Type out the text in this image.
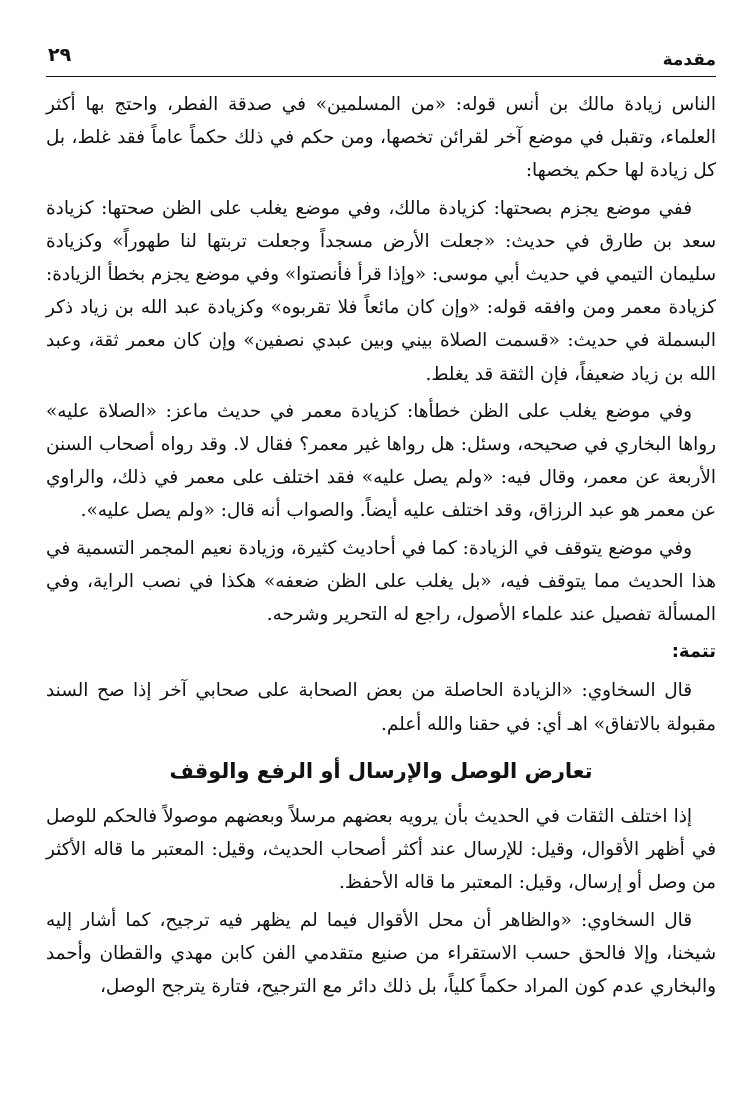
مقدمة
٢٩

الناس زيادة مالك بن أنس قوله: «من المسلمين» في صدقة الفطر، واحتج بها أكثر العلماء، وتقبل في موضع آخر لقرائن تخصها، ومن حكم في ذلك حكماً عاماً فقد غلط، بل كل زيادة لها حكم يخصها:

ففي موضع يجزم بصحتها: كزيادة مالك، وفي موضع يغلب على الظن صحتها: كزيادة سعد بن طارق في حديث: «جعلت الأرض مسجداً وجعلت تربتها لنا طهوراً» وكزيادة سليمان التيمي في حديث أبي موسى: «وإذا قرأ فأنصتوا» وفي موضع يجزم بخطأ الزيادة: كزيادة معمر ومن وافقه قوله: «وإن كان مائعاً فلا تقربوه» وكزيادة عبد الله بن زياد ذكر البسملة في حديث: «قسمت الصلاة بيني وبين عبدي نصفين» وإن كان معمر ثقة، وعبد الله بن زياد ضعيفاً، فإن الثقة قد يغلط.

وفي موضع يغلب على الظن خطأها: كزيادة معمر في حديث ماعز: «الصلاة عليه» رواها البخاري في صحيحه، وسئل: هل رواها غير معمر؟ فقال لا. وقد رواه أصحاب السنن الأربعة عن معمر، وقال فيه: «ولم يصل عليه» فقد اختلف على معمر في ذلك، والراوي عن معمر هو عبد الرزاق، وقد اختلف عليه أيضاً. والصواب أنه قال: «ولم يصل عليه».

وفي موضع يتوقف في الزيادة: كما في أحاديث كثيرة، وزيادة نعيم المجمر التسمية في هذا الحديث مما يتوقف فيه، «بل يغلب على الظن ضعفه» هكذا في نصب الراية، وفي المسألة تفصيل عند علماء الأصول، راجع له التحرير وشرحه.

تتمة:

قال السخاوي: «الزيادة الحاصلة من بعض الصحابة على صحابي آخر إذا صح السند مقبولة بالاتفاق» اهـ أي: في حقنا والله أعلم.

تعارض الوصل والإرسال أو الرفع والوقف

إذا اختلف الثقات في الحديث بأن يرويه بعضهم مرسلاً وبعضهم موصولاً فالحكم للوصل في أظهر الأقوال، وقيل: للإرسال عند أكثر أصحاب الحديث، وقيل: المعتبر ما قاله الأكثر من وصل أو إرسال، وقيل: المعتبر ما قاله الأحفظ.

قال السخاوي: «والظاهر أن محل الأقوال فيما لم يظهر فيه ترجيح، كما أشار إليه شيخنا، وإلا فالحق حسب الاستقراء من صنيع متقدمي الفن كابن مهدي والقطان وأحمد والبخاري عدم كون المراد حكماً كلياً، بل ذلك دائر مع الترجيح، فتارة يترجح الوصل،
